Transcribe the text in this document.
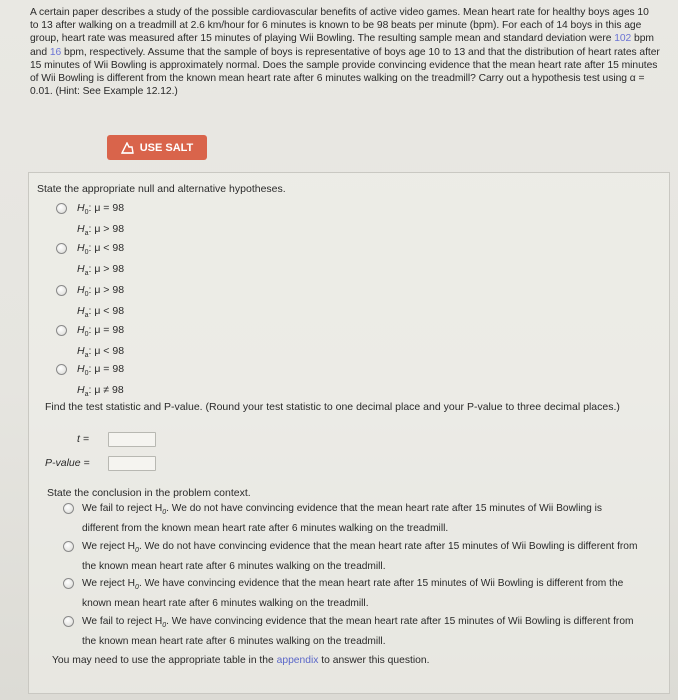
A certain paper describes a study of the possible cardiovascular benefits of active video games. Mean heart rate for healthy boys ages 10 to 13 after walking on a treadmill at 2.6 km/hour for 6 minutes is known to be 98 beats per minute (bpm). For each of 14 boys in this age group, heart rate was measured after 15 minutes of playing Wii Bowling. The resulting sample mean and standard deviation were 102 bpm and 16 bpm, respectively. Assume that the sample of boys is representative of boys age 10 to 13 and that the distribution of heart rates after 15 minutes of Wii Bowling is approximately normal. Does the sample provide convincing evidence that the mean heart rate after 15 minutes of Wii Bowling is different from the known mean heart rate after 6 minutes walking on the treadmill? Carry out a hypothesis test using α = 0.01. (Hint: See Example 12.12.)
USE SALT
State the appropriate null and alternative hypotheses.
$H_0$: μ = 98
$H_a$: μ > 98
$H_0$: μ < 98
$H_a$: μ > 98
$H_0$: μ > 98
$H_a$: μ < 98
$H_0$: μ = 98
$H_a$: μ < 98
$H_0$: μ = 98
$H_a$: μ ≠ 98
Find the test statistic and P-value. (Round your test statistic to one decimal place and your P-value to three decimal places.)
t =
P-value =
State the conclusion in the problem context.
We fail to reject $H_0$. We do not have convincing evidence that the mean heart rate after 15 minutes of Wii Bowling is different from the known mean heart rate after 6 minutes walking on the treadmill.
We reject $H_0$. We do not have convincing evidence that the mean heart rate after 15 minutes of Wii Bowling is different from the known mean heart rate after 6 minutes walking on the treadmill.
We reject $H_0$. We have convincing evidence that the mean heart rate after 15 minutes of Wii Bowling is different from the known mean heart rate after 6 minutes walking on the treadmill.
We fail to reject $H_0$. We have convincing evidence that the mean heart rate after 15 minutes of Wii Bowling is different from the known mean heart rate after 6 minutes walking on the treadmill.
You may need to use the appropriate table in the appendix to answer this question.
